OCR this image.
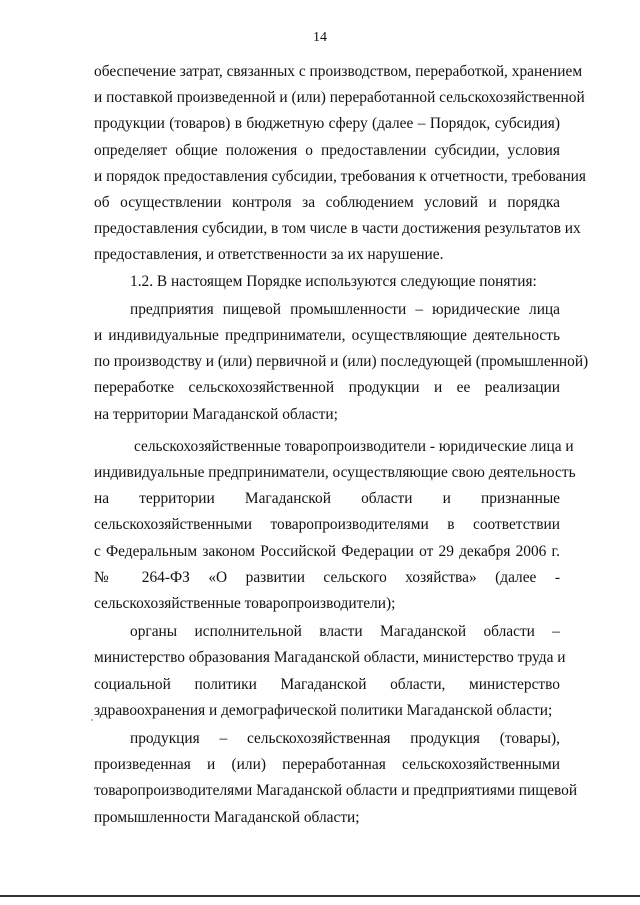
14

обеспечение затрат, связанных с производством, переработкой, хранением
и поставкой произведенной и (или) переработанной сельскохозяйственной
продукции (товаров) в бюджетную сферу (далее – Порядок, субсидия)
определяет общие положения о предоставлении субсидии, условия
и порядок предоставления субсидии, требования к отчетности, требования
об осуществлении контроля за соблюдением условий и порядка
предоставления субсидии, в том числе в части достижения результатов их
предоставления, и ответственности за их нарушение.

1.2. В настоящем Порядке используются следующие понятия:

предприятия пищевой промышленности – юридические лица
и индивидуальные предприниматели, осуществляющие деятельность
по производству и (или) первичной и (или) последующей (промышленной)
переработке сельскохозяйственной продукции и ее реализации
на территории Магаданской области;

сельскохозяйственные товаропроизводители - юридические лица и
индивидуальные предприниматели, осуществляющие свою деятельность
на территории Магаданской области и признанные
сельскохозяйственными товаропроизводителями в соответствии
с Федеральным законом Российской Федерации от 29 декабря 2006 г.
№ 264-ФЗ «О развитии сельского хозяйства» (далее -
сельскохозяйственные товаропроизводители);

органы исполнительной власти Магаданской области –
министерство образования Магаданской области, министерство труда и
социальной политики Магаданской области, министерство
здравоохранения и демографической политики Магаданской области;

продукция – сельскохозяйственная продукция (товары),
произведенная и (или) переработанная сельскохозяйственными
товаропроизводителями Магаданской области и предприятиями пищевой
промышленности Магаданской области;
